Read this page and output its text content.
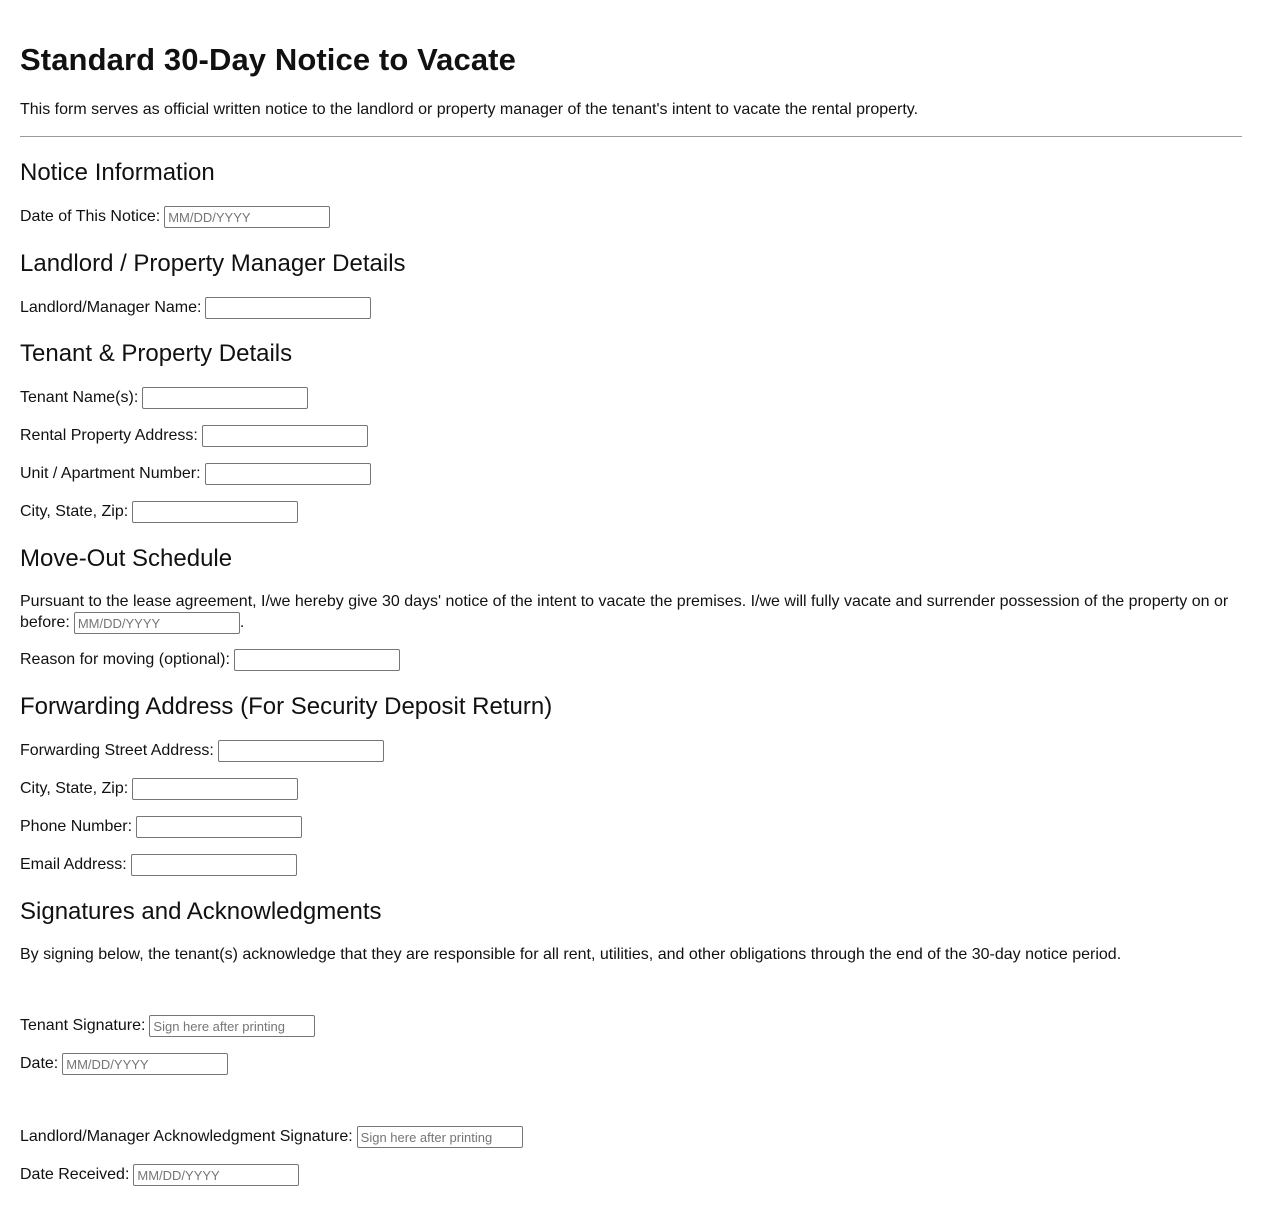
Standard 30-Day Notice to Vacate

This form serves as official written notice to the landlord or property manager of the tenant's intent to vacate the rental property.

Notice Information
Date of This Notice:
MM/DD/YYYY
Landlord / Property Manager Details
Landlord/Manager Name:
Tenant & Property Details
Tenant Name(s):
Rental Property Address:
Unit / Apartment Number:
City, State, Zip:
Move-Out Schedule

Pursuant to the lease agreement, I/we hereby give 30 days' notice of the intent to vacate the premises. I/we will fully vacate and surrender possession of the property on or before:MM/DD/YYYY	.

Reason for moving (optional):
Forwarding Address (For Security Deposit Return)
Forwarding Street Address:
City, State, Zip:
Phone Number:
Email Address:
Signatures and Acknowledgments

By signing below, the tenant(s) acknowledge that they are responsible for all rent, utilities, and other obligations through the end of the 30-day notice period.

Tenant Signature:
Sign here after printing
Date:
MM/DD/YYYY
Landlord/Manager Acknowledgment Signature:
Sign here after printing
Date Received:
MM/DD/YYYY
